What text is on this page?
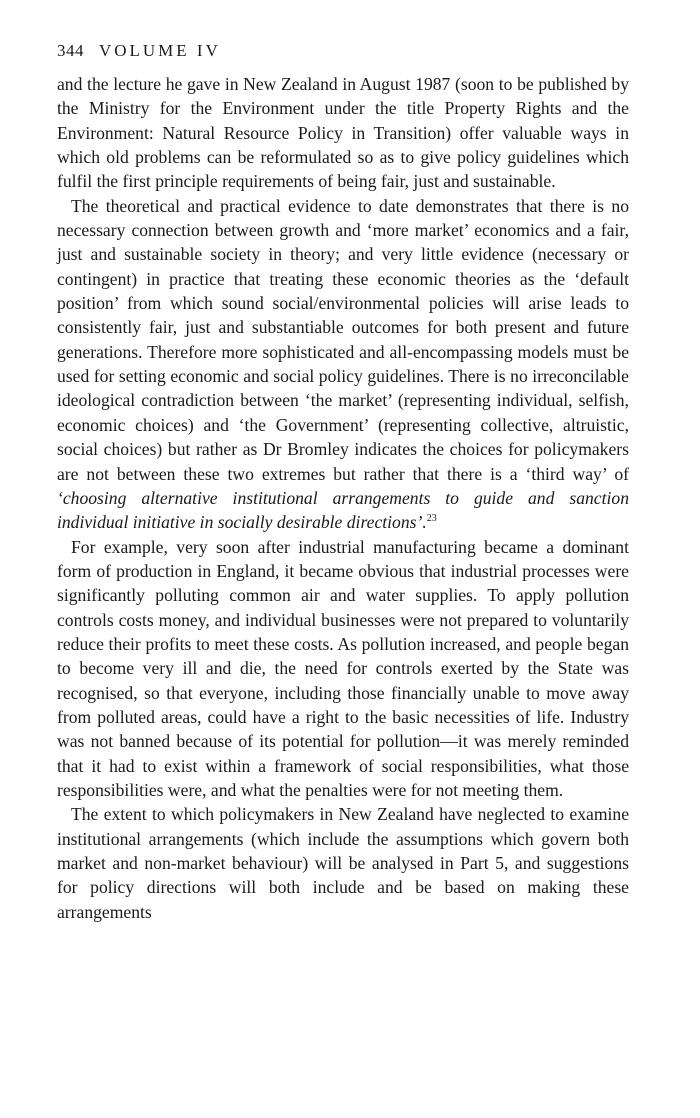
344 VOLUME IV

and the lecture he gave in New Zealand in August 1987 (soon to be published by the Ministry for the Environment under the title Property Rights and the Environment: Natural Resource Policy in Transition) offer valuable ways in which old problems can be reformulated so as to give policy guidelines which fulfil the first principle requirements of being fair, just and sustainable.

The theoretical and practical evidence to date demonstrates that there is no necessary connection between growth and ‘more market’ economics and a fair, just and sustainable society in theory; and very little evidence (necessary or contingent) in practice that treating these economic theories as the ‘default position’ from which sound social/environmental policies will arise leads to consistently fair, just and substantiable outcomes for both present and future generations. Therefore more sophisticated and all-encompassing models must be used for setting economic and social policy guidelines. There is no irreconcilable ideological contradiction between ‘the market’ (representing individual, selfish, economic choices) and ‘the Government’ (representing collective, altruistic, social choices) but rather as Dr Bromley indicates the choices for policymakers are not between these two extremes but rather that there is a ‘third way’ of ‘choosing alternative institutional arrangements to guide and sanction individual initiative in socially desirable directions’.$^{23}$

For example, very soon after industrial manufacturing became a dominant form of production in England, it became obvious that industrial processes were significantly polluting common air and water supplies. To apply pollution controls costs money, and individual businesses were not prepared to voluntarily reduce their profits to meet these costs. As pollution increased, and people began to become very ill and die, the need for controls exerted by the State was recognised, so that everyone, including those financially unable to move away from polluted areas, could have a right to the basic necessities of life. Industry was not banned because of its potential for pollution—it was merely reminded that it had to exist within a framework of social responsibilities, what those responsibilities were, and what the penalties were for not meeting them.

The extent to which policymakers in New Zealand have neglected to examine institutional arrangements (which include the assumptions which govern both market and non-market behaviour) will be analysed in Part 5, and suggestions for policy directions will both include and be based on making these arrangements
